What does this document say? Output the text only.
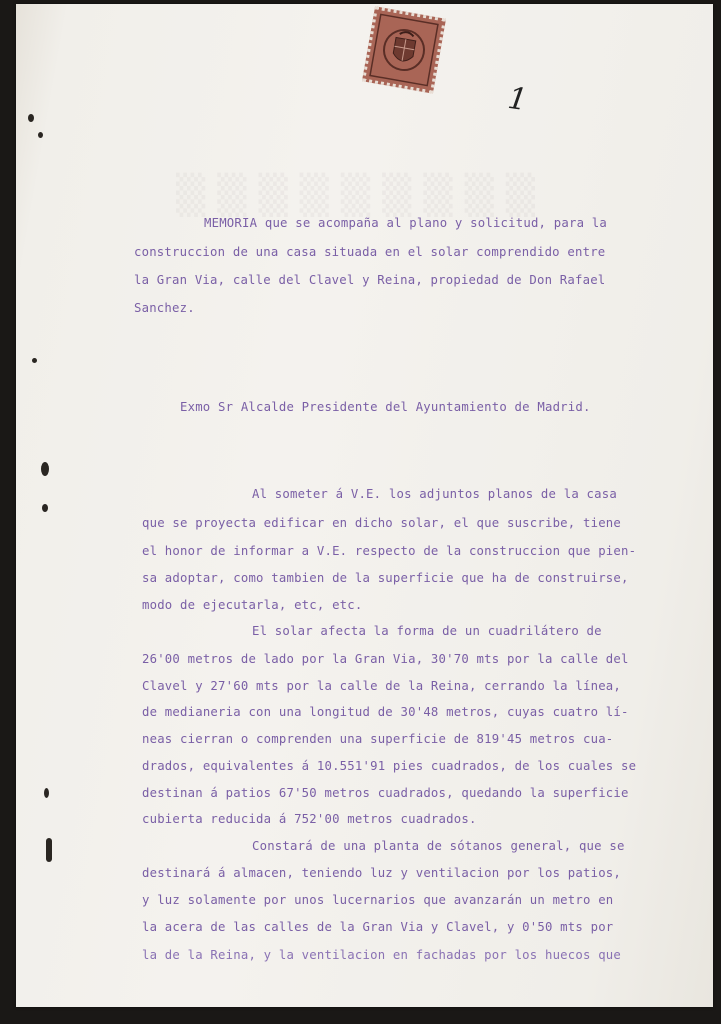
▒▒▒▒▒▒▒▒▒
1
MEMORIA que se acompaña al plano y solicitud, para la
construccion de una casa situada en el solar comprendido entre
la Gran Via, calle del Clavel y Reina, propiedad de Don Rafael
Sanchez.
Exmo Sr Alcalde Presidente del Ayuntamiento de Madrid.
Al someter á V.E. los adjuntos planos de la casa
que se proyecta edificar en dicho solar, el que suscribe, tiene
el honor de informar a V.E. respecto de la construccion que pien-
sa adoptar, como tambien de la superficie que ha de construirse,
modo de ejecutarla, etc, etc.
El solar afecta la forma de un cuadrilátero de
26'00 metros de lado por la Gran Via, 30'70 mts por la calle del
Clavel y 27'60 mts por la calle de la Reina, cerrando la línea,
de medianeria con una longitud de 30'48 metros, cuyas cuatro lí-
neas cierran o comprenden una superficie de 819'45 metros cua-
drados, equivalentes á 10.551'91 pies cuadrados, de los cuales se
destinan á patios 67'50 metros cuadrados, quedando la superficie
cubierta reducida á 752'00 metros cuadrados.
Constará de una planta de sótanos general, que se
destinará á almacen, teniendo luz y ventilacion por los patios,
y luz solamente por unos lucernarios que avanzarán un metro en
la acera de las calles de la Gran Via y Clavel, y 0'50 mts por
la de la Reina, y la ventilacion en fachadas por los huecos que
